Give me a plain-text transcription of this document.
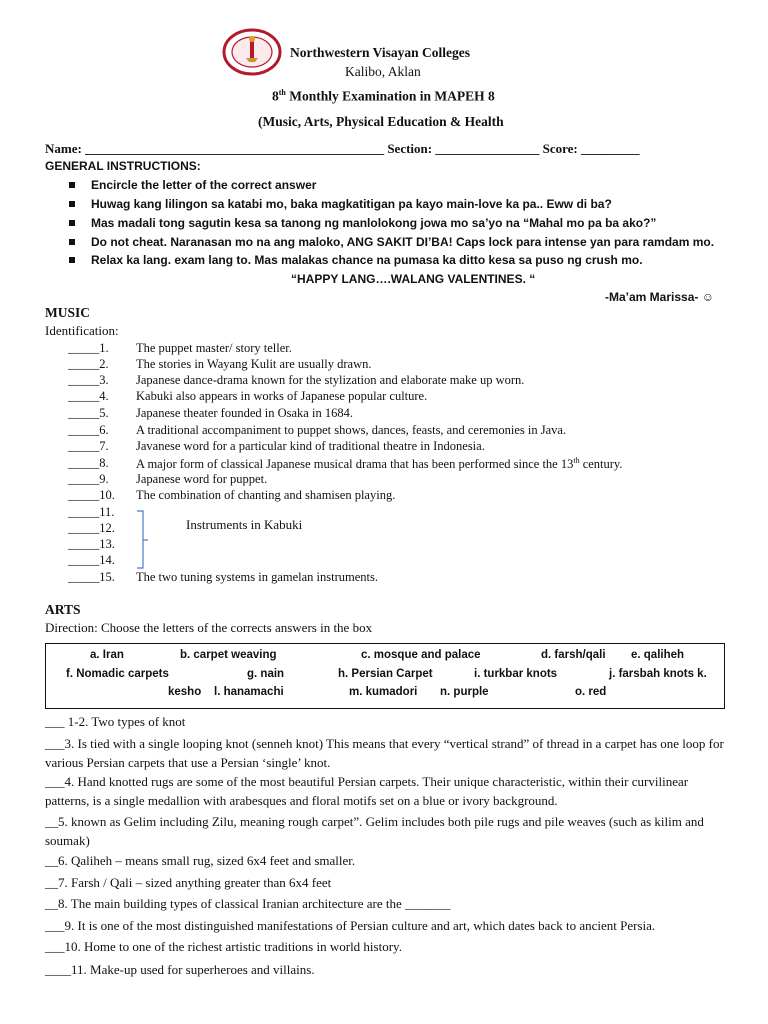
Northwestern Visayan Colleges
Kalibo, Aklan
8th Monthly Examination in MAPEH 8
(Music, Arts, Physical Education & Health
Name: ______________________________________________ Section: ________________ Score: _________
GENERAL INSTRUCTIONS:
Encircle the letter of the correct answer
Huwag kang lilingon sa katabi mo, baka magkatitigan pa kayo main-love ka pa.. Eww di ba?
Mas madali tong sagutin kesa sa tanong ng manlolokong jowa mo sa’yo na “Mahal mo pa ba ako?”
Do not cheat. Naranasan mo na ang maloko, ANG SAKIT DI’BA! Caps lock para intense yan para ramdam mo.
Relax ka lang. exam lang to. Mas malakas chance na pumasa ka ditto kesa sa puso ng crush mo.
“HAPPY LANG….WALANG VALENTINES. “
-Ma’am Marissa- ☺
MUSIC
Identification:
_____1. The puppet master/ story teller.
_____2. The stories in Wayang Kulit are usually drawn.
_____3. Japanese dance-drama known for the stylization and elaborate make up worn.
_____4. Kabuki also appears in works of Japanese popular culture.
_____5. Japanese theater founded in Osaka in 1684.
_____6. A traditional accompaniment to puppet shows, dances, feasts, and ceremonies in Java.
_____7. Javanese word for a particular kind of traditional theatre in Indonesia.
_____8. A major form of classical Japanese musical drama that has been performed since the 13th century.
_____9. Japanese word for puppet.
_____10. The combination of chanting and shamisen playing.
_____11.
_____12.
_____13.
_____14.
_____15. The two tuning systems in gamelan instruments.
Instruments in Kabuki
ARTS
Direction: Choose the letters of the corrects answers in the box
a. Iran	b. carpet weaving	c. mosque and palace	d. farsh/qali e. qaliheh
f. Nomadic carpets	g. nain	h. Persian Carpet	i. turkbar knots	j. farsbah knots k.
kesho l. hanamachi	m. kumadori n. purple	o. red
___ 1-2. Two types of knot
___3. Is tied with a single looping knot (senneh knot) This means that every “vertical strand” of thread in a carpet has one loop for various Persian carpets that use a Persian ‘single’ knot.
___4. Hand knotted rugs are some of the most beautiful Persian carpets. Their unique characteristic, within their curvilinear patterns, is a single medallion with arabesques and floral motifs set on a blue or ivory background.
__5. known as Gelim including Zilu, meaning rough carpet”. Gelim includes both pile rugs and pile weaves (such as kilim and soumak)
__6. Qaliheh – means small rug, sized 6x4 feet and smaller.
__7. Farsh / Qali – sized anything greater than 6x4 feet
__8. The main building types of classical Iranian architecture are the _______
___9. It is one of the most distinguished manifestations of Persian culture and art, which dates back to ancient Persia.
___10. Home to one of the richest artistic traditions in world history.
____11. Make-up used for superheroes and villains.
